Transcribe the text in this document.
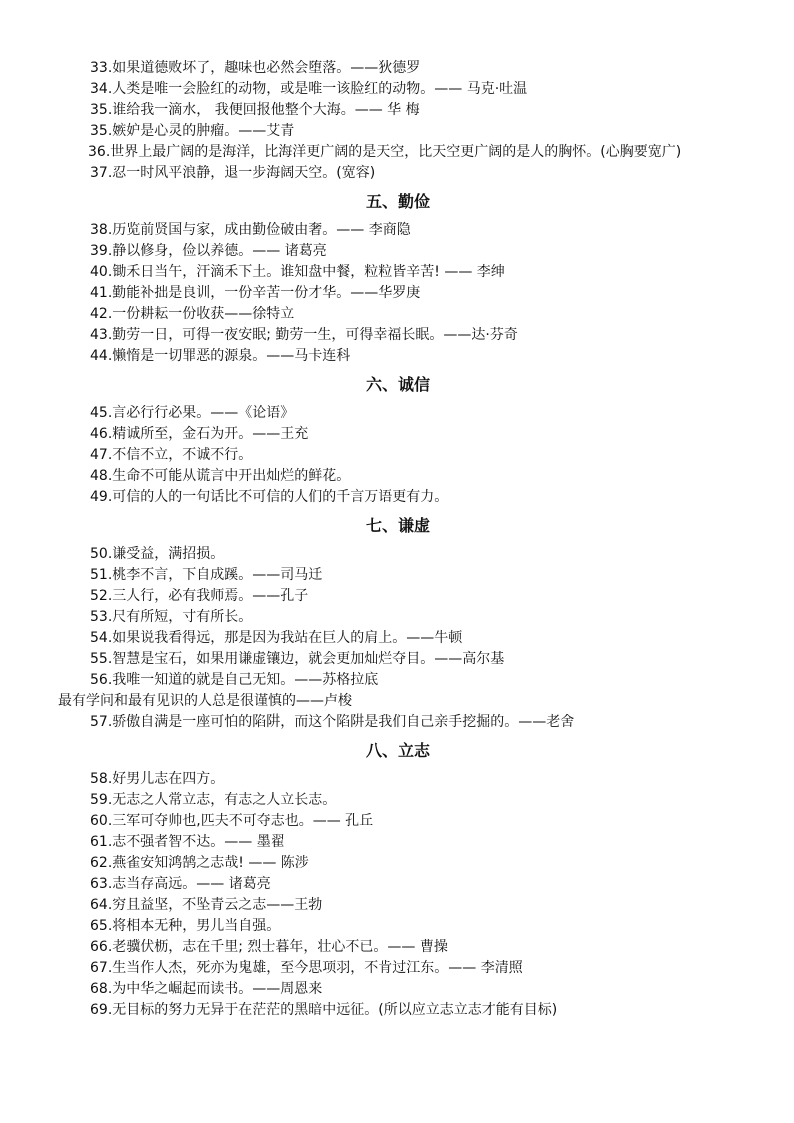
33.如果道德败坏了，趣味也必然会堕落。——狄德罗
34.人类是唯一会脸红的动物，或是唯一该脸红的动物。—— 马克·吐温
35.谁给我一滴水， 我便回报他整个大海。—— 华 梅
35.嫉妒是心灵的肿瘤。——艾青
36.世界上最广阔的是海洋，比海洋更广阔的是天空，比天空更广阔的是人的胸怀。(心胸要宽广)
37.忍一时风平浪静，退一步海阔天空。(宽容)
五、勤俭
38.历览前贤国与家，成由勤俭破由奢。—— 李商隐
39.静以修身，俭以养德。—— 诸葛亮
40.锄禾日当午，汗滴禾下土。谁知盘中餐，粒粒皆辛苦! —— 李绅
41.勤能补拙是良训，一份辛苦一份才华。——华罗庚
42.一份耕耘一份收获——徐特立
43.勤劳一日，可得一夜安眠; 勤劳一生，可得幸福长眠。——达·芬奇
44.懒惰是一切罪恶的源泉。——马卡连科
六、诚信
45.言必行行必果。——《论语》
46.精诚所至，金石为开。——王充
47.不信不立，不诚不行。
48.生命不可能从谎言中开出灿烂的鲜花。
49.可信的人的一句话比不可信的人们的千言万语更有力。
七、谦虚
50.谦受益，满招损。
51.桃李不言，下自成蹊。——司马迁
52.三人行，必有我师焉。——孔子
53.尺有所短，寸有所长。
54.如果说我看得远，那是因为我站在巨人的肩上。——牛顿
55.智慧是宝石，如果用谦虚镶边，就会更加灿烂夺目。——高尔基
56.我唯一知道的就是自己无知。——苏格拉底
最有学问和最有见识的人总是很谨慎的——卢梭
57.骄傲自满是一座可怕的陷阱，而这个陷阱是我们自己亲手挖掘的。——老舍
八、立志
58.好男儿志在四方。
59.无志之人常立志，有志之人立长志。
60.三军可夺帅也,匹夫不可夺志也。—— 孔丘
61.志不强者智不达。—— 墨翟
62.燕雀安知鸿鹄之志哉! —— 陈涉
63.志当存高远。—— 诸葛亮
64.穷且益坚，不坠青云之志——王勃
65.将相本无种，男儿当自强。
66.老骥伏枥，志在千里; 烈士暮年，壮心不已。—— 曹操
67.生当作人杰，死亦为鬼雄，至今思项羽，不肯过江东。—— 李清照
68.为中华之崛起而读书。——周恩来
69.无目标的努力无异于在茫茫的黑暗中远征。(所以应立志立志才能有目标)
